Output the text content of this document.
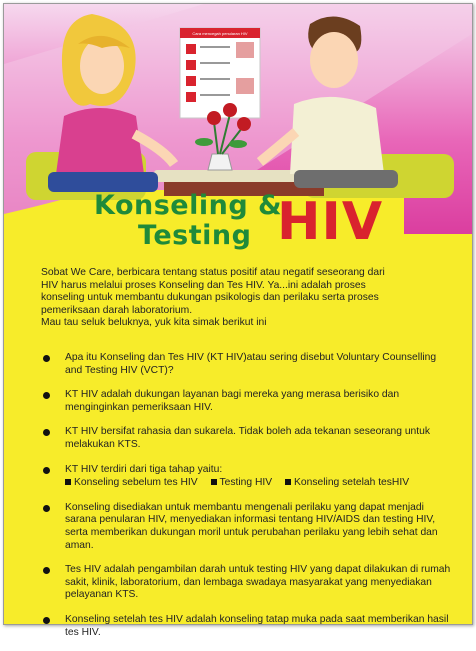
Cara mencegah penularan HIV
Konseling &
Testing HIV

Sobat We Care, berbicara tentang status positif atau negatif seseorang dari

HIV harus melalui proses Konseling dan Tes HIV. Ya...ini adalah proses

konseling untuk membantu dukungan psikologis dan perilaku serta proses

pemeriksaan darah laboratorium.

Mau tau seluk beluknya, yuk kita simak berikut ini

Apa itu Konseling dan Tes HIV (KT HIV)atau sering disebut Voluntary Counselling and Testing HIV (VCT)?
KT HIV adalah dukungan layanan bagi mereka yang merasa berisiko dan menginginkan pemeriksaan HIV.
KT HIV bersifat rahasia dan sukarela. Tidak boleh ada tekanan seseorang untuk melakukan KTS.
KT HIV terdiri dari tiga tahap yaitu:
Konseling sebelum tes HIV Testing HIV Konseling setelah tesHIV
Konseling disediakan untuk membantu mengenali perilaku yang dapat menjadi sarana penularan HIV, menyediakan informasi tentang HIV/AIDS dan testing HIV, serta memberikan dukungan moril untuk perubahan perilaku yang lebih sehat dan aman.
Tes HIV adalah pengambilan darah untuk testing HIV yang dapat dilakukan di rumah sakit, klinik, laboratorium, dan lembaga swadaya masyarakat yang menyediakan pelayanan KTS.
Konseling setelah tes HIV adalah konseling tatap muka pada saat memberikan hasil tes HIV.
